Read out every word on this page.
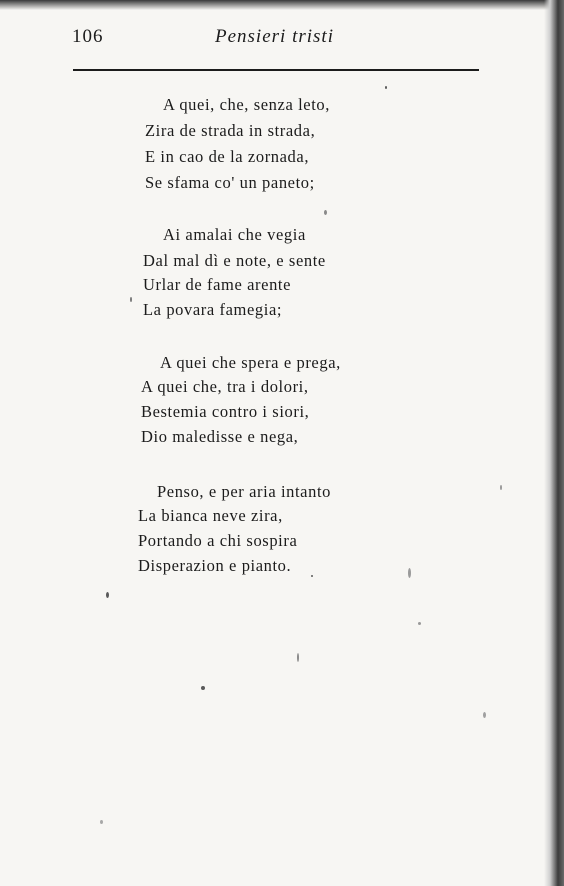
106	Pensieri tristi
A quei, che, senza leto,
Zira de strada in strada,
E in cao de la zornada,
Se sfama co' un paneto;
Ai amalai che vegia
Dal mal dì e note, e sente
Urlar de fame arente
La povara famegia;
A quei che spera e prega,
A quei che, tra i dolori,
Bestemia contro i siori,
Dio maledisse e nega,
Penso, e per aria intanto
La bianca neve zira,
Portando a chi sospira
Disperazion e pianto.
